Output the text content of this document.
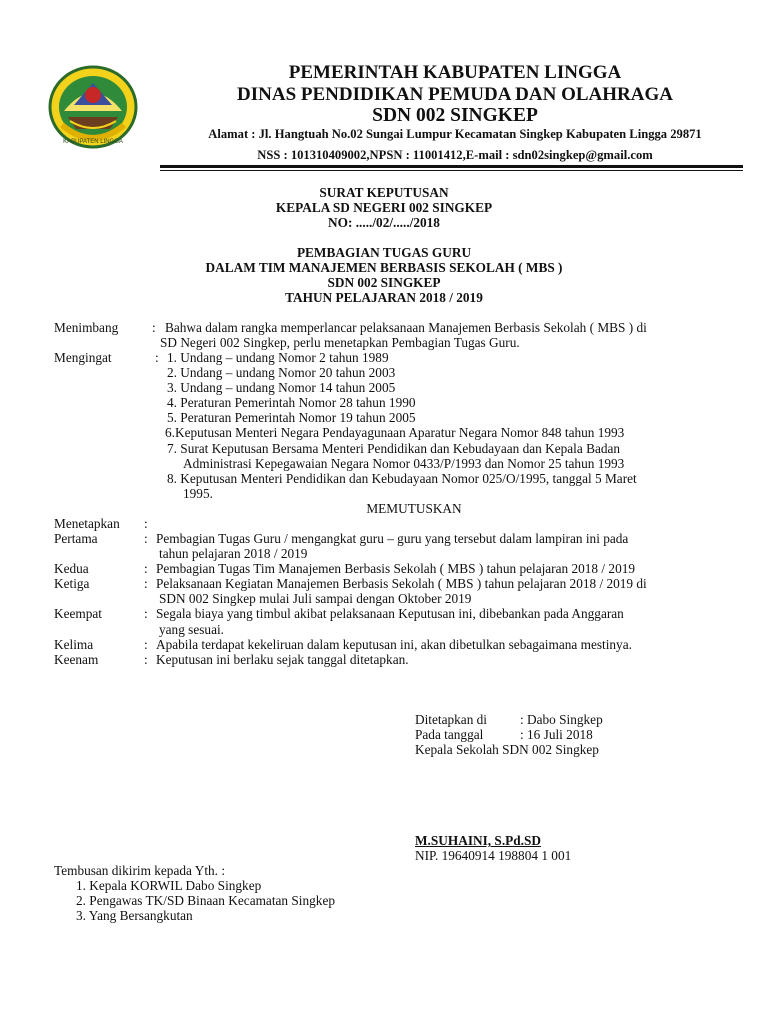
KABUPATEN LINGGA
PEMERINTAH KABUPATEN LINGGA
DINAS PENDIDIKAN PEMUDA DAN OLAHRAGA
SDN 002 SINGKEP
Alamat : Jl. Hangtuah No.02 Sungai Lumpur Kecamatan Singkep Kabupaten Lingga 29871
NSS : 101310409002,NPSN : 11001412,E-mail : sdn02singkep@gmail.com
SURAT KEPUTUSAN
KEPALA SD NEGERI 002 SINGKEP
NO: ...../02/...../2018
PEMBAGIAN TUGAS GURU
DALAM TIM MANAJEMEN BERBASIS SEKOLAH ( MBS )
SDN 002 SINGKEP
TAHUN PELAJARAN 2018 / 2019
Menimbang	: Bahwa dalam rangka memperlancar pelaksanaan Manajemen Berbasis Sekolah ( MBS ) di
SD Negeri 002 Singkep, perlu menetapkan Pembagian Tugas Guru.
Mengingat	: 1. Undang – undang Nomor 2 tahun 1989
2. Undang – undang Nomor 20 tahun 2003
3. Undang – undang Nomor 14 tahun 2005
4. Peraturan Pemerintah Nomor 28 tahun 1990
5. Peraturan Pemerintah Nomor 19 tahun 2005
6.Keputusan Menteri Negara Pendayagunaan Aparatur Negara Nomor 848 tahun 1993
7. Surat Keputusan Bersama Menteri Pendidikan dan Kebudayaan dan Kepala Badan
Administrasi Kepegawaian Negara Nomor 0433/P/1993 dan Nomor 25 tahun 1993
8. Keputusan Menteri Pendidikan dan Kebudayaan Nomor 025/O/1995, tanggal 5 Maret
1995.
MEMUTUSKAN
Menetapkan :
Pertama	: Pembagian Tugas Guru / mengangkat guru – guru yang tersebut dalam lampiran ini pada
tahun pelajaran 2018 / 2019
Kedua	: Pembagian Tugas Tim Manajemen Berbasis Sekolah ( MBS ) tahun pelajaran 2018 / 2019
Ketiga	: Pelaksanaan Kegiatan Manajemen Berbasis Sekolah ( MBS ) tahun pelajaran 2018 / 2019 di
SDN 002 Singkep mulai Juli sampai dengan Oktober 2019
Keempat	: Segala biaya yang timbul akibat pelaksanaan Keputusan ini, dibebankan pada Anggaran
yang sesuai.
Kelima	: Apabila terdapat kekeliruan dalam keputusan ini, akan dibetulkan sebagaimana mestinya.
Keenam	: Keputusan ini berlaku sejak tanggal ditetapkan.
Ditetapkan di : Dabo Singkep
Pada tanggal	: 16 Juli 2018
Kepala Sekolah SDN 002 Singkep
M.SUHAINI, S.Pd.SD
NIP. 19640914 198804 1 001
Tembusan dikirim kepada Yth. :
1. Kepala KORWIL Dabo Singkep
2. Pengawas TK/SD Binaan Kecamatan Singkep
3. Yang Bersangkutan
